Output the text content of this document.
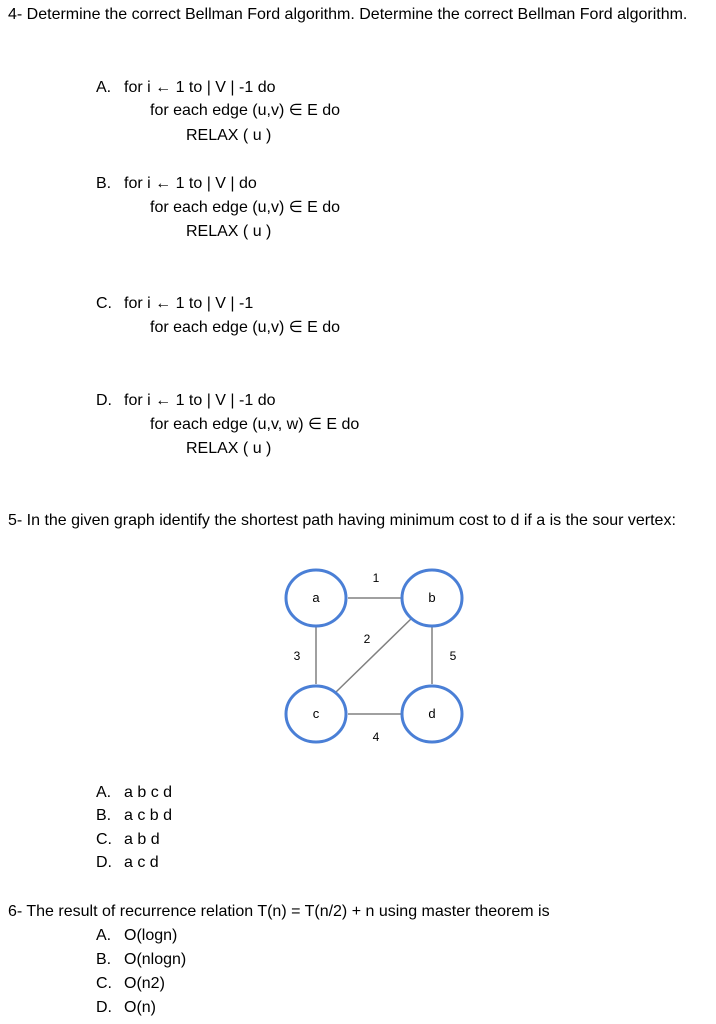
4- Determine the correct Bellman Ford algorithm. Determine the correct Bellman Ford algorithm.
A. for i ← 1 to | V | -1 do
for each edge (u,v) ∈ E do
RELAX ( u )
B. for i ← 1 to | V | do
for each edge (u,v) ∈ E do
RELAX ( u )
C. for i ← 1 to | V | -1
for each edge (u,v) ∈ E do
D. for i ← 1 to | V | -1 do
for each edge (u,v, w) ∈ E do
RELAX ( u )
5- In the given graph identify the shortest path having minimum cost to d if a is the sour vertex:
1
3
2
5
4
a	b
c	d
A. a b c d
B. a c b d
C. a b d
D. a c d
6- The result of recurrence relation T(n) = T(n/2) + n using master theorem is
A. O(logn)
B. O(nlogn)
C. O(n2)
D. O(n)
